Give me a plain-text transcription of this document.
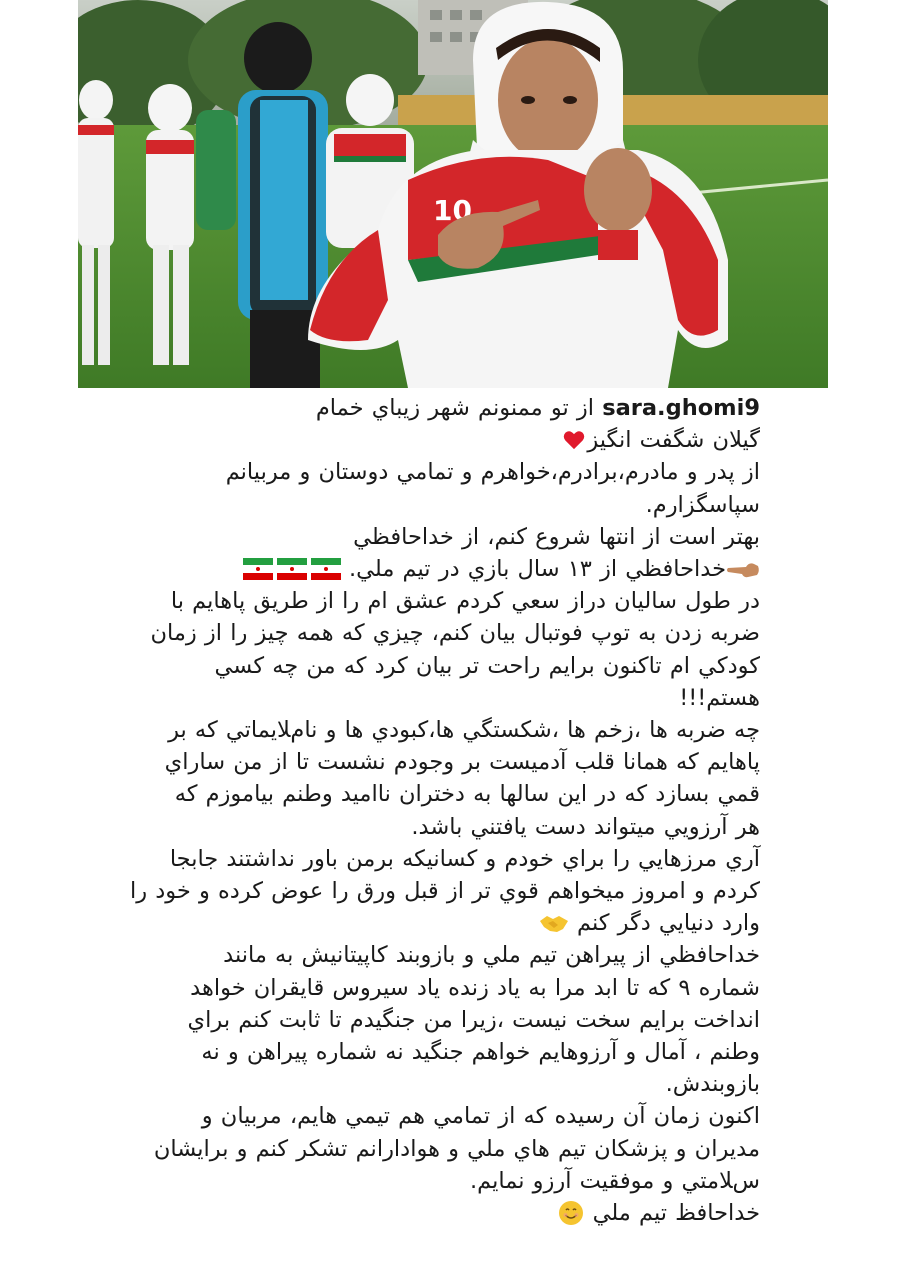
10
sara.ghomi9 از تو ممنونم شهر زيباي خمام
گيلان شگفت انگيز
از پدر و مادرم،برادرم،خواهرم و تمامي دوستان و مربيانم
سپاسگزارم.
بهتر است از انتها شروع كنم، از خداحافظي
خداحافظي از ۱۳ سال بازي در تيم ملي.
در طول ساليان دراز سعي كردم عشق ام را از طريق پاهايم با
ضربه زدن به توپ فوتبال بيان كنم، چيزي كه همه چيز را از زمان
كودكي ام تاكنون برايم راحت تر بيان كرد كه من چه كسي
هستم!!!
چه ضربه ها ،زخم ها ،شكستگي ها،كبودي ها و نامﻼيماتي كه بر
پاهايم كه همانا قلب آدميست بر وجودم نشست تا از من ساراي
قمي بسازد كه در اين سالها به دختران نااميد وطنم بياموزم كه
هر آرزويي ميتواند دست يافتني باشد.
آري مرزهايي را براي خودم و كسانيكه برمن باور نداشتند جابجا
كردم و امروز ميخواهم قوي تر از قبل ورق را عوض كرده و خود را
وارد دنيايي دگر كنم
خداحافظي از پيراهن تيم ملي و بازوبند كاپيتانيش به مانند
شماره ۹ كه تا ابد مرا به ياد زنده ياد سيروس قايقران خواهد
انداخت برايم سخت نيست ،زيرا من جنگيدم تا ثابت كنم براي
وطنم ، آمال و آرزوهايم خواهم جنگيد نه شماره پيراهن و نه
بازوبندش.
اكنون زمان آن رسيده كه از تمامي هم تيمي هايم، مربيان و
مديران و پزشكان تيم هاي ملي و هوادارانم تشكر كنم و برايشان
سﻼمتي و موفقيت آرزو نمايم.
خداحافظ تيم ملي
